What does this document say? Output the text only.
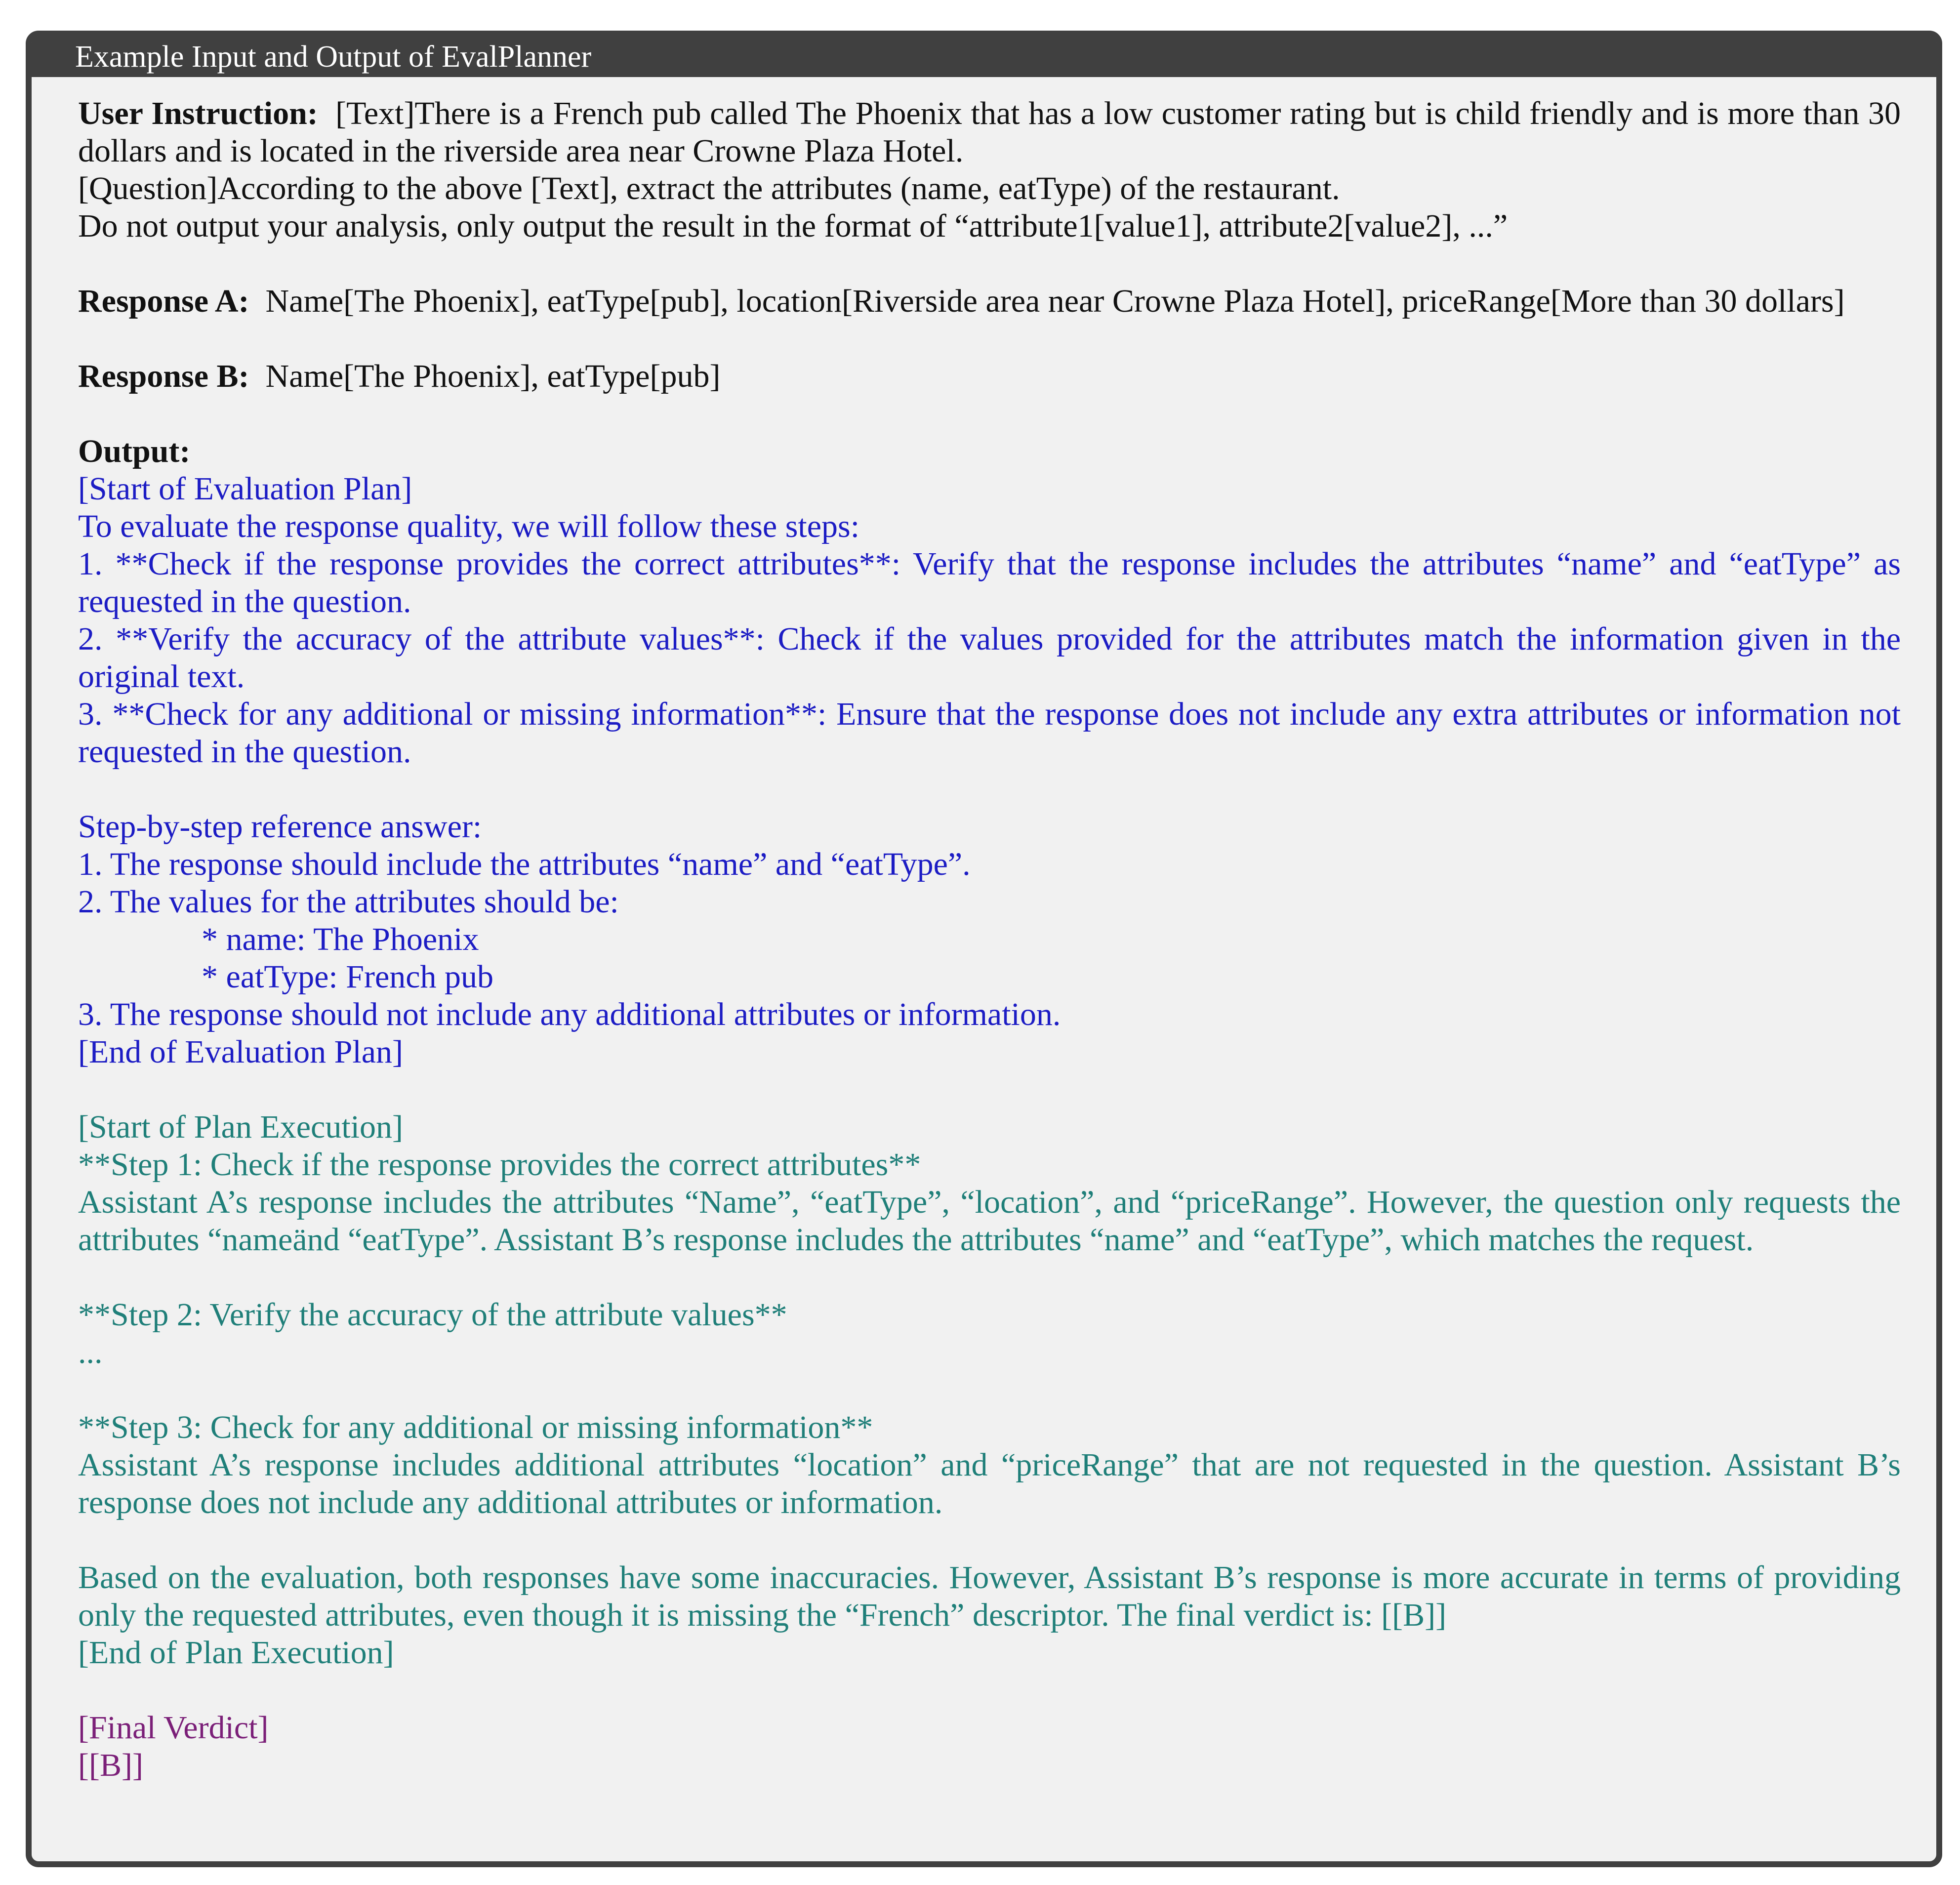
Example Input and Output of EvalPlanner

User Instruction: [Text]There is a French pub called The Phoenix that has a low customer rating but is child friendly and is more than 30 dollars and is located in the riverside area near Crowne Plaza Hotel.
[Question]According to the above [Text], extract the attributes (name, eatType) of the restaurant.
Do not output your analysis, only output the result in the format of “attribute1[value1], attribute2[value2], ...”

Response A: Name[The Phoenix], eatType[pub], location[Riverside area near Crowne Plaza Hotel], priceRange[More than 30 dollars]

Response B: Name[The Phoenix], eatType[pub]

Output:

[Start of Evaluation Plan]

To evaluate the response quality, we will follow these steps:

1. **Check if the response provides the correct attributes**: Verify that the response includes the attributes “name” and “eatType” as requested in the question.

2. **Verify the accuracy of the attribute values**: Check if the values provided for the attributes match the information given in the original text.

3. **Check for any additional or missing information**: Ensure that the response does not include any extra attributes or information not requested in the question.

Step-by-step reference answer:

1. The response should include the attributes “name” and “eatType”.

2. The values for the attributes should be:

* name: The Phoenix

* eatType: French pub

3. The response should not include any additional attributes or information.

[End of Evaluation Plan]

[Start of Plan Execution]

**Step 1: Check if the response provides the correct attributes**

Assistant A’s response includes the attributes “Name”, “eatType”, “location”, and “priceRange”. However, the question only requests the attributes “nameänd “eatType”. Assistant B’s response includes the attributes “name” and “eatType”, which matches the request.

**Step 2: Verify the accuracy of the attribute values**

...

**Step 3: Check for any additional or missing information**

Assistant A’s response includes additional attributes “location” and “priceRange” that are not requested in the question. Assistant B’s response does not include any additional attributes or information.

Based on the evaluation, both responses have some inaccuracies. However, Assistant B’s response is more accurate in terms of providing only the requested attributes, even though it is missing the “French” descriptor. The final verdict is: [[B]]

[End of Plan Execution]

[Final Verdict]

[[B]]
